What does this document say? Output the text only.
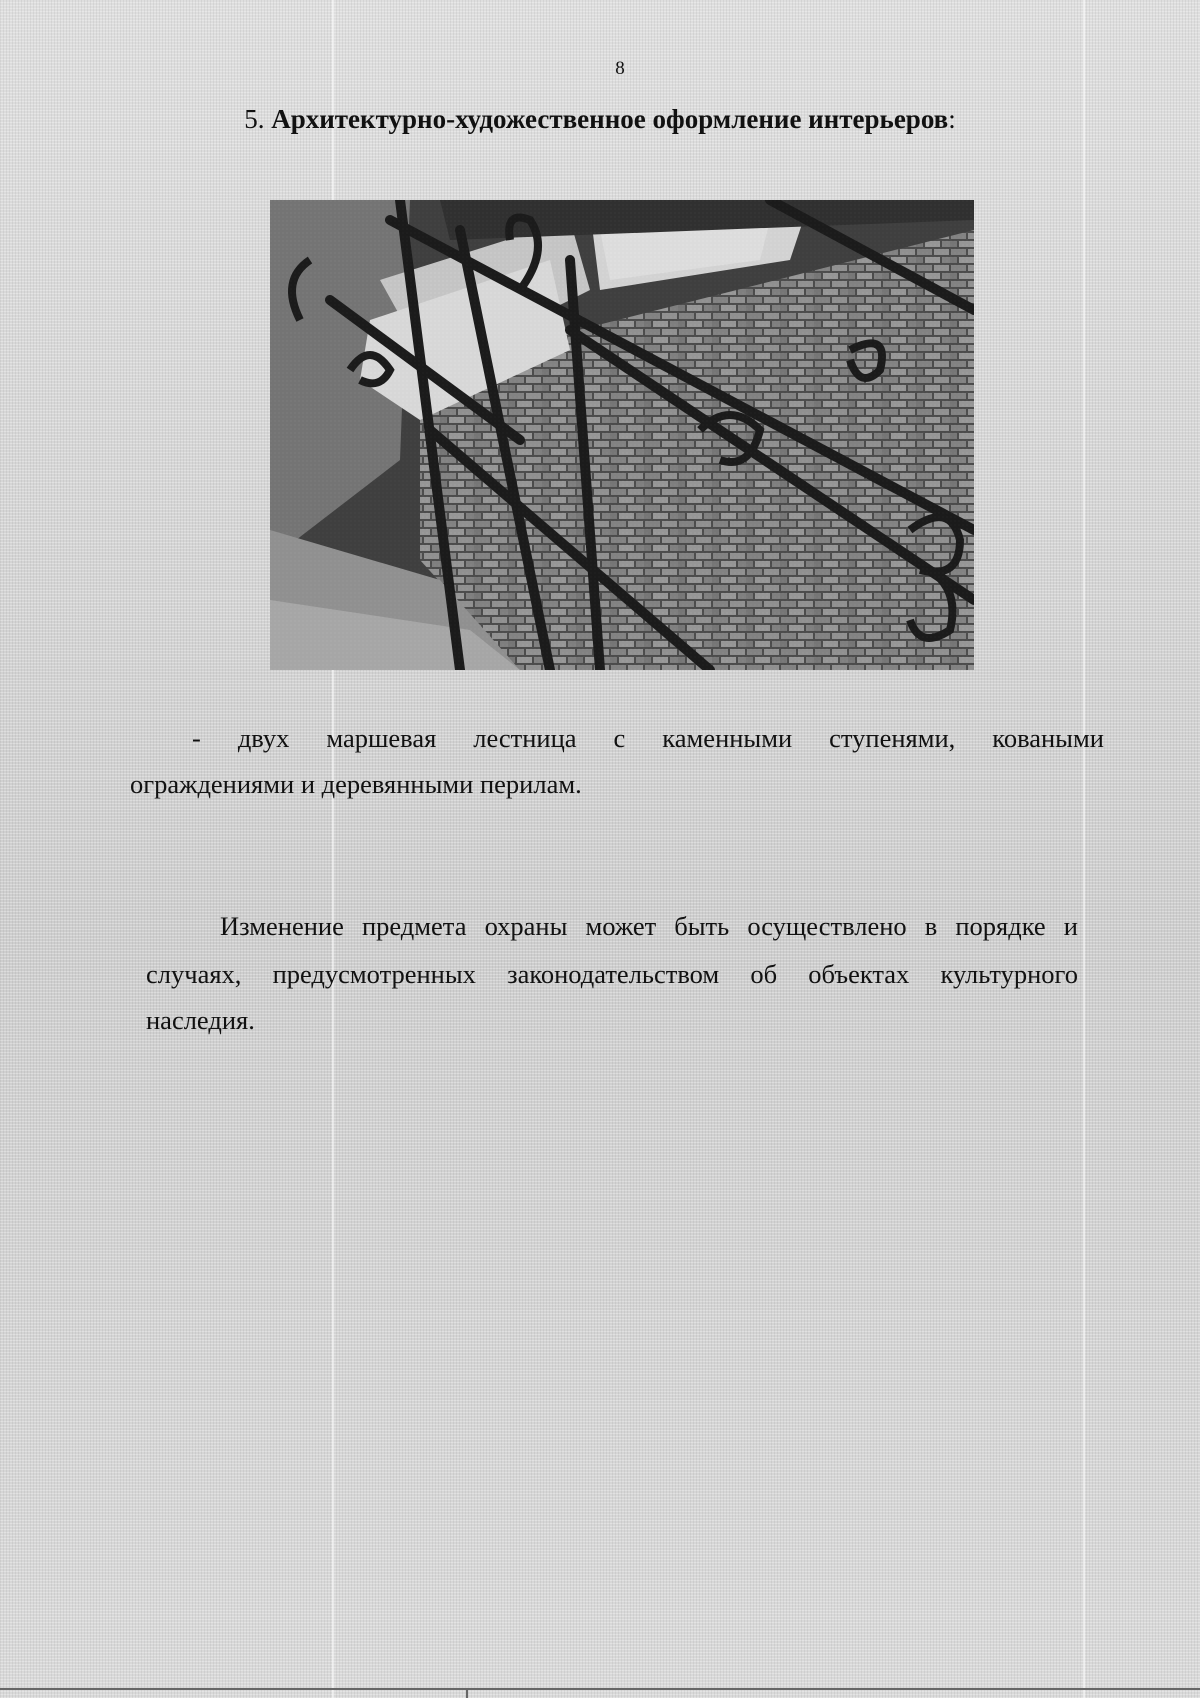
8
5. Архитектурно-художественное оформление интерьеров:
- двух маршевая лестница с каменными ступенями, коваными
ограждениями и деревянными перилам.
Изменение предмета охраны может быть осуществлено в порядке и
случаях, предусмотренных законодательством об объектах культурного
наследия.
